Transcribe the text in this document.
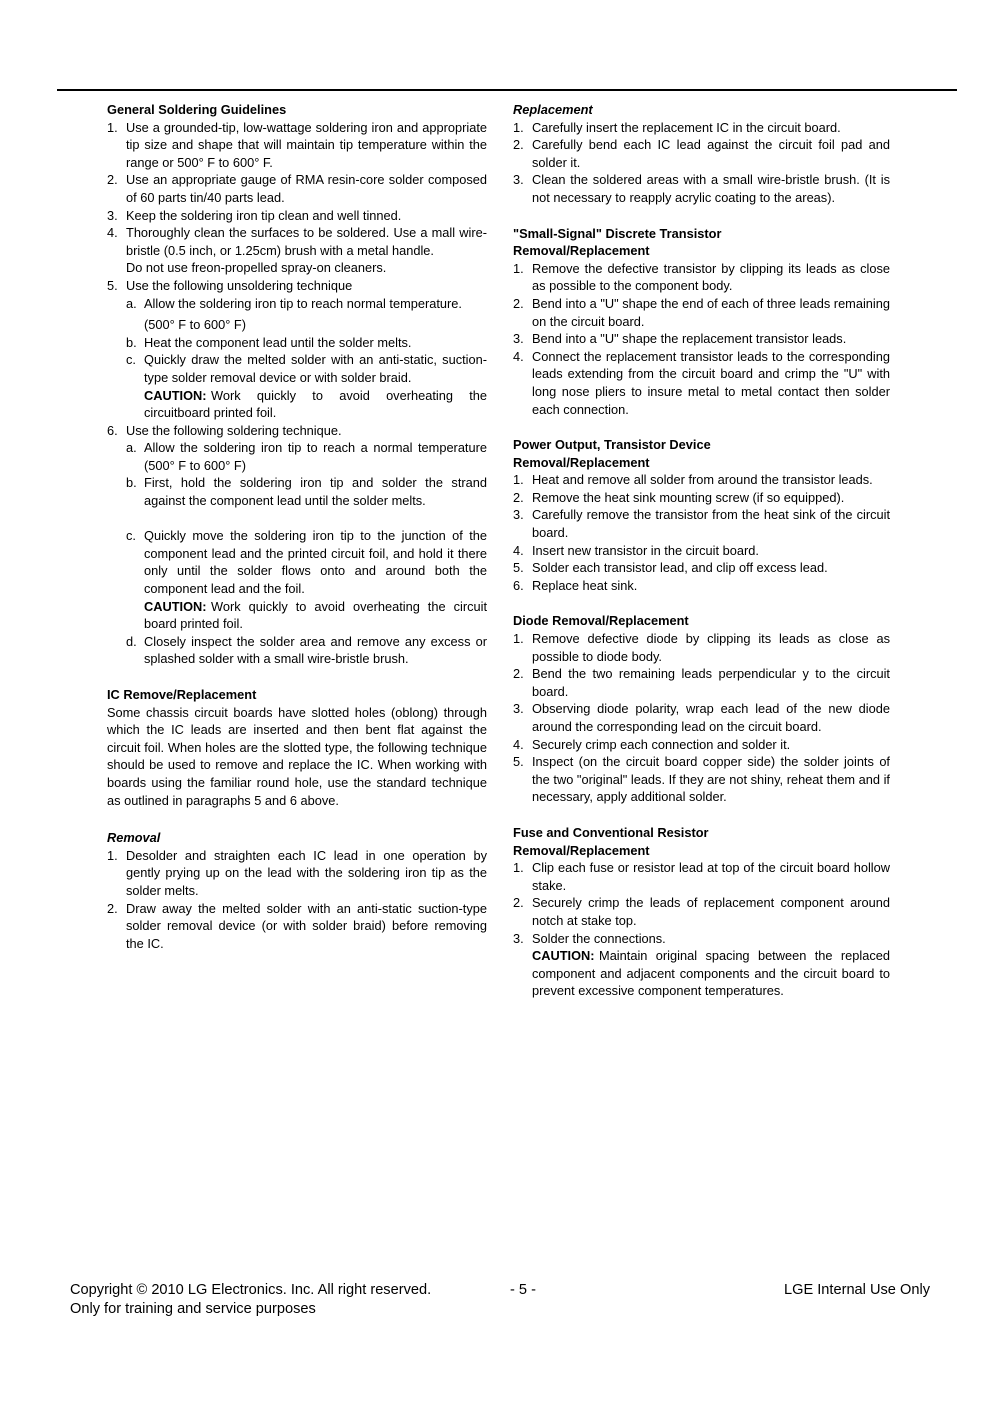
General Soldering Guidelines

Use a grounded-tip, low-wattage soldering iron and appropriate tip size and shape that will maintain tip temperature within the range or 500° F to 600° F.
Use an appropriate gauge of RMA resin-core solder composed of 60 parts tin/40 parts lead.
Keep the soldering iron tip clean and well tinned.
Thoroughly clean the surfaces to be soldered. Use a mall wire-bristle (0.5 inch, or 1.25cm) brush with a metal handle.
Do not use freon-propelled spray-on cleaners.
Use the following unsoldering technique
Allow the soldering iron tip to reach normal temperature.
(500° F to 600° F)
Heat the component lead until the solder melts.
Quickly draw the melted solder with an anti-static, suction-type solder removal device or with solder braid.
CAUTION: Work quickly to avoid overheating the circuitboard printed foil.
Use the following soldering technique.
Allow the soldering iron tip to reach a normal temperature (500° F to 600° F)
First, hold the soldering iron tip and solder the strand against the component lead until the solder melts.
Quickly move the soldering iron tip to the junction of the component lead and the printed circuit foil, and hold it there only until the solder flows onto and around both the component lead and the foil.
CAUTION: Work quickly to avoid overheating the circuit board printed foil.
Closely inspect the solder area and remove any excess or splashed solder with a small wire-bristle brush.

IC Remove/Replacement

Some chassis circuit boards have slotted holes (oblong) through which the IC leads are inserted and then bent flat against the circuit foil. When holes are the slotted type, the following technique should be used to remove and replace the IC. When working with boards using the familiar round hole, use the standard technique as outlined in paragraphs 5 and 6 above.

Removal

Desolder and straighten each IC lead in one operation by gently prying up on the lead with the soldering iron tip as the solder melts.
Draw away the melted solder with an anti-static suction-type solder removal device (or with solder braid) before removing the IC.

Replacement

Carefully insert the replacement IC in the circuit board.
Carefully bend each IC lead against the circuit foil pad and solder it.
Clean the soldered areas with a small wire-bristle brush. (It is not necessary to reapply acrylic coating to the areas).

"Small-Signal" Discrete Transistor

Removal/Replacement

Remove the defective transistor by clipping its leads as close as possible to the component body.
Bend into a "U" shape the end of each of three leads remaining on the circuit board.
Bend into a "U" shape the replacement transistor leads.
Connect the replacement transistor leads to the corresponding leads extending from the circuit board and crimp the "U" with long nose pliers to insure metal to metal contact then solder each connection.

Power Output, Transistor Device

Removal/Replacement

Heat and remove all solder from around the transistor leads.
Remove the heat sink mounting screw (if so equipped).
Carefully remove the transistor from the heat sink of the circuit board.
Insert new transistor in the circuit board.
Solder each transistor lead, and clip off excess lead.
Replace heat sink.

Diode Removal/Replacement

Remove defective diode by clipping its leads as close as possible to diode body.
Bend the two remaining leads perpendicular y to the circuit board.
Observing diode polarity, wrap each lead of the new diode around the corresponding lead on the circuit board.
Securely crimp each connection and solder it.
Inspect (on the circuit board copper side) the solder joints of the two "original" leads. If they are not shiny, reheat them and if necessary, apply additional solder.

Fuse and Conventional Resistor

Removal/Replacement

Clip each fuse or resistor lead at top of the circuit board hollow stake.
Securely crimp the leads of replacement component around notch at stake top.
Solder the connections.
CAUTION: Maintain original spacing between the replaced component and adjacent components and the circuit board to prevent excessive component temperatures.
Copyright © 2010 LG Electronics. Inc. All right reserved.	- 5 -	LGE Internal Use Only
Only for training and service purposes
